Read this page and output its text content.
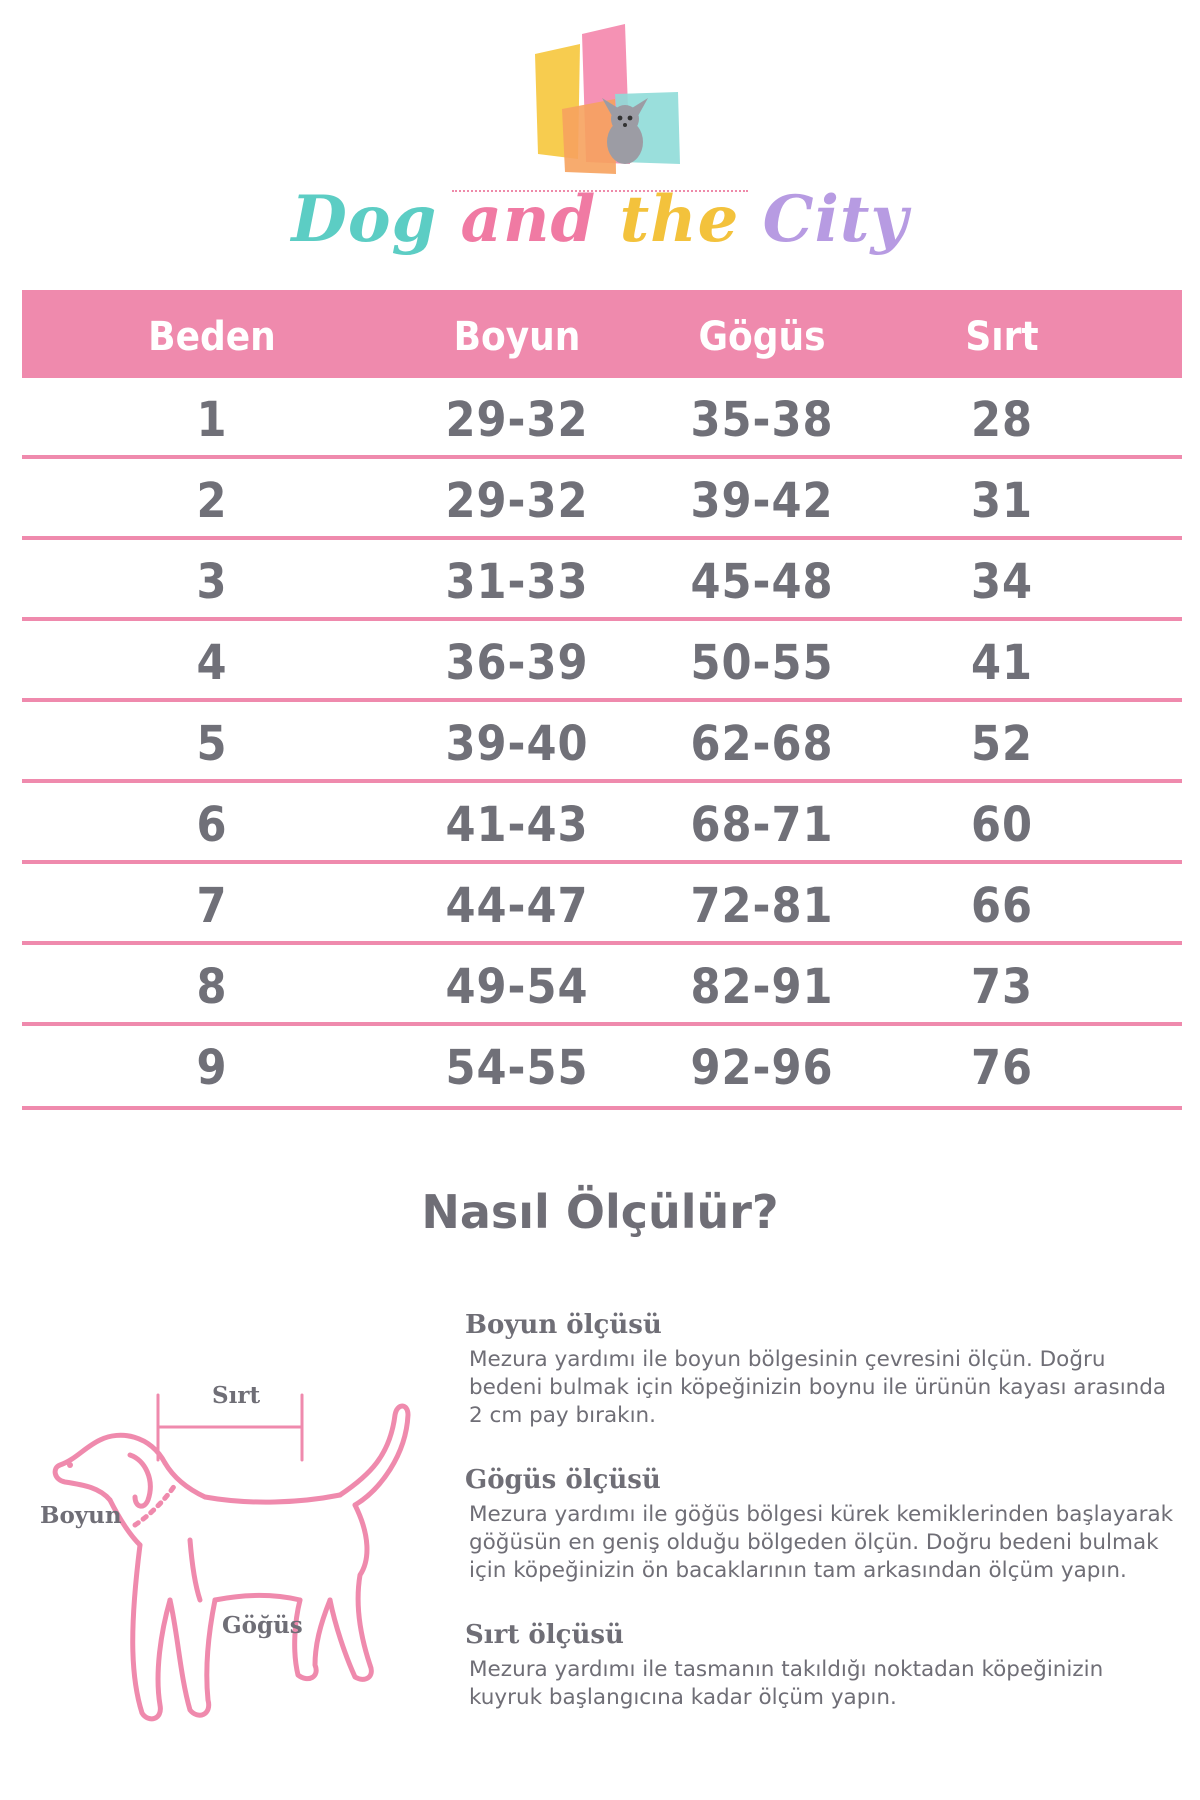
Dog and the City
Beden	Boyun	Gögüs	Sırt
1	29-32	35-38	28
2	29-32	39-42	31
3	31-33	45-48	34
4	36-39	50-55	41
5	39-40	62-68	52
6	41-43	68-71	60
7	44-47	72-81	66
8	49-54	82-91	73
9	54-55	92-96	76
Nasıl Ölçülür?
Sırt
Boyun
Göğüs

Boyun ölçüsü

Mezura yardımı ile boyun bölgesinin çevresini ölçün. Doğru bedeni bulmak için köpeğinizin boynu ile ürünün kayası arasında 2 cm pay bırakın.

Gögüs ölçüsü

Mezura yardımı ile göğüs bölgesi kürek kemiklerinden başlayarak göğüsün en geniş olduğu bölgeden ölçün. Doğru bedeni bulmak için köpeğinizin ön bacaklarının tam arkasından ölçüm yapın.

Sırt ölçüsü

Mezura yardımı ile tasmanın takıldığı noktadan köpeğinizin kuyruk başlangıcına kadar ölçüm yapın.
